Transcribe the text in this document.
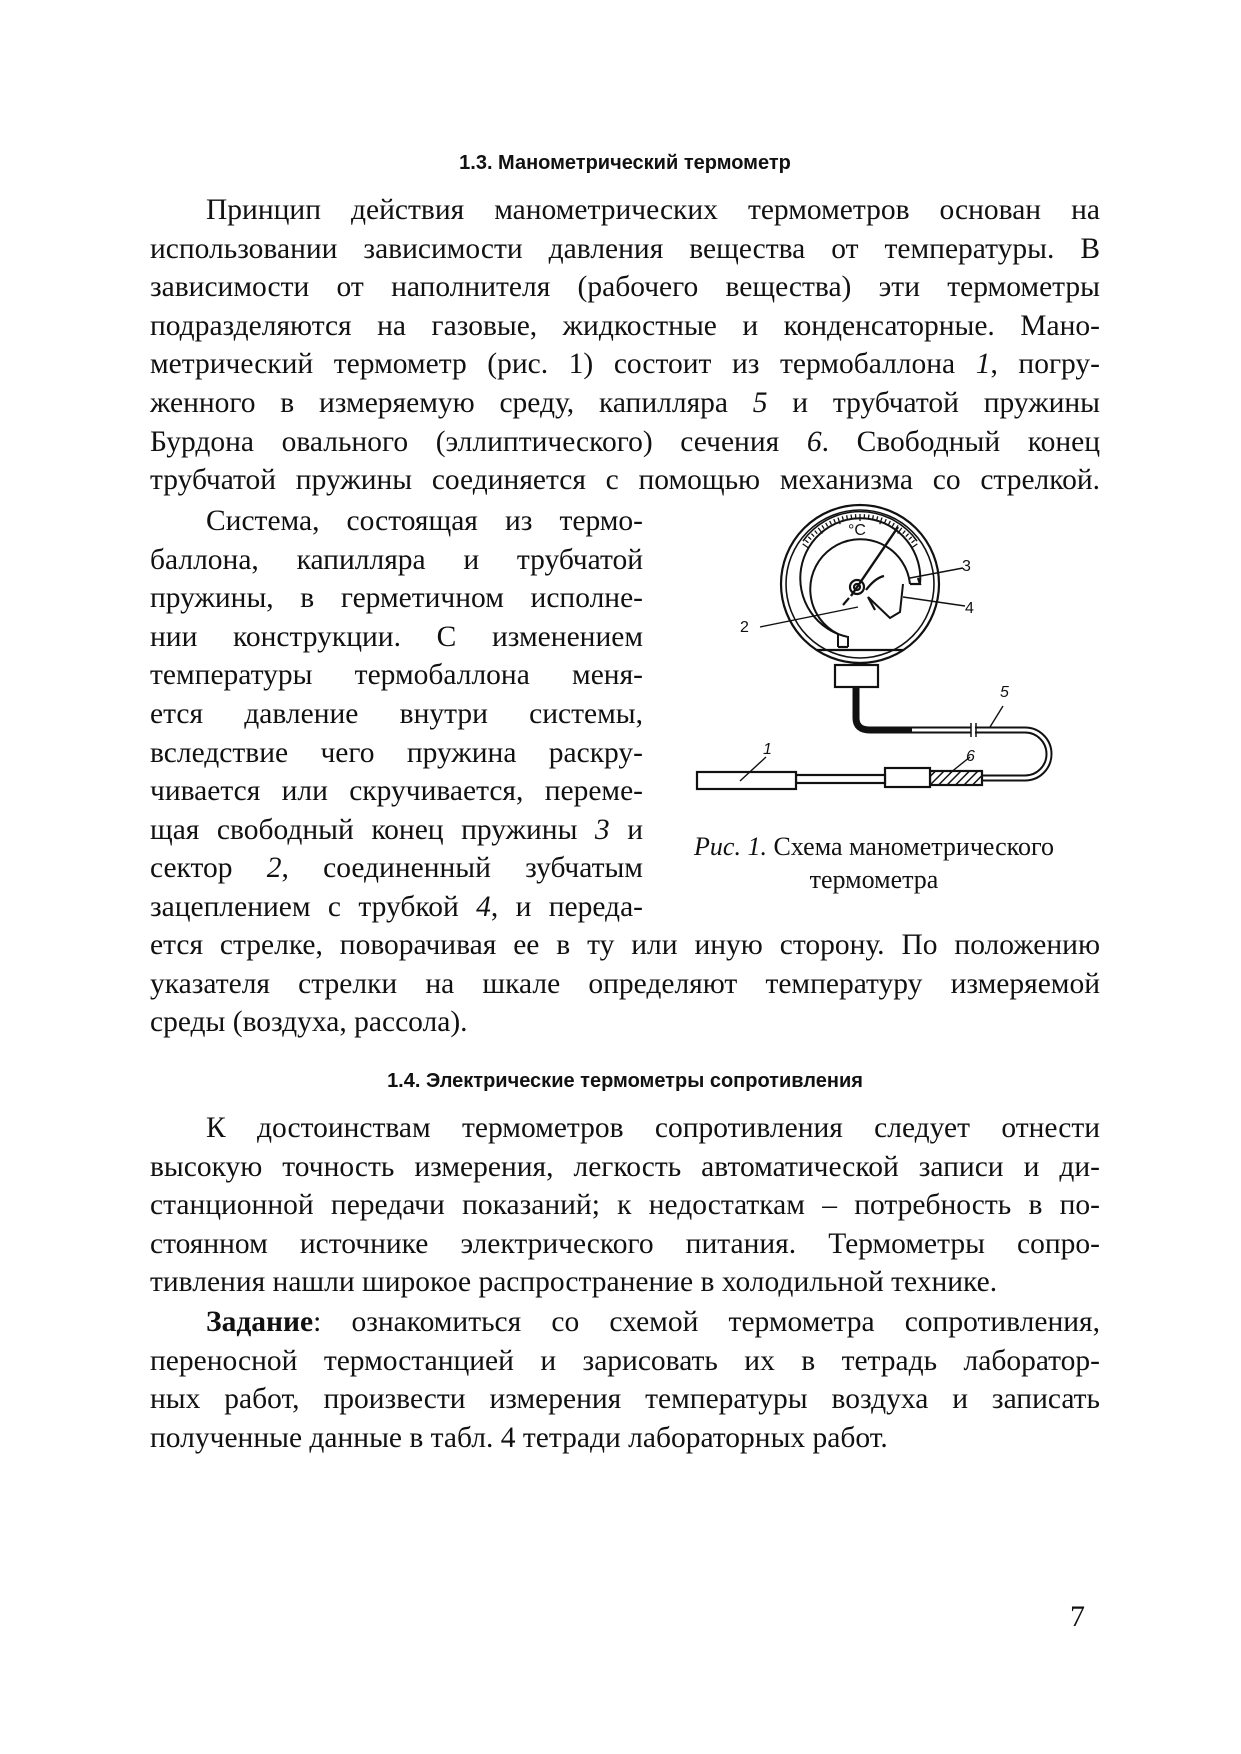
1.3. Манометрический термометр
Принцип действия манометрических термометров основан на
использовании зависимости давления вещества от температуры. В
зависимости от наполнителя (рабочего вещества) эти термометры
подразделяются на газовые, жидкостные и конденсаторные. Мано-
метрический термометр (рис. 1) состоит из термобаллона 1, погру-
женного в измеряемую среду, капилляра 5 и трубчатой пружины
Бурдона овального (эллиптического) сечения 6. Свободный конец
трубчатой пружины соединяется с помощью механизма со стрелкой.
Система, состоящая из термо-
баллона, капилляра и трубчатой
пружины, в герметичном исполне-
нии конструкции. С изменением
температуры термобаллона меня-
ется давление внутри системы,
вследствие чего пружина раскру-
чивается или скручивается, переме-
щая свободный конец пружины 3 и
сектор 2, соединенный зубчатым
зацеплением с трубкой 4, и переда-
ется стрелке, поворачивая ее в ту или иную сторону. По положению
указателя стрелки на шкале определяют температуру измеряемой
среды (воздуха, рассола).
1.4. Электрические термометры сопротивления
К достоинствам термометров сопротивления следует отнести
высокую точность измерения, легкость автоматической записи и ди-
станционной передачи показаний; к недостаткам – потребность в по-
стоянном источнике электрического питания. Термометры сопро-
тивления нашли широкое распространение в холодильной технике.
Задание: ознакомиться со схемой термометра сопротивления,
переносной термостанцией и зарисовать их в тетрадь лаборатор-
ных работ, произвести измерения температуры воздуха и записать
полученные данные в табл. 4 тетради лабораторных работ.
°C
1
2
3
4
5
6
Рис. 1. Схема манометрического
термометра
7
